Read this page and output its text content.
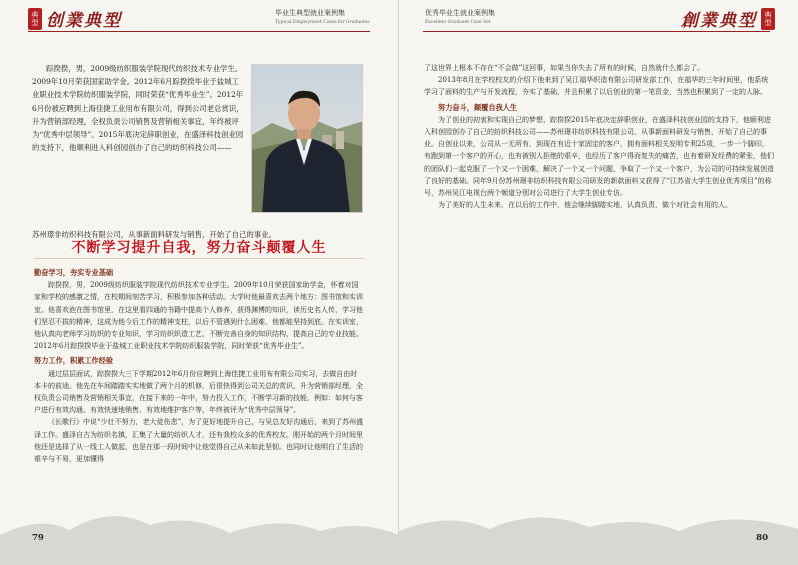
典型 创業典型	毕业生典型就业案例集
Typical Employment Cases for Graduates

踪揆揆，男，2009级纺织服装学院现代纺织技术专业学生。2009年10月荣获国家助学金。2012年6月踪揆揆毕业于盐城工业职业技术学院纺织服装学院，同时荣获“优秀毕业生”。2012年6月份被应聘到上海佳捷工业用布有限公司，得到公司老总赏识，升为营销部经理，全权负责公司销售及营销相关事宜，年终被评为“优秀中层领导”。2015年底决定辞职创业，在盛泽科技创业园的支持下，他顺利进入科创园创办了自己的纺织科技公司——

苏州璟非纺织科技有限公司，从事新面料研发与销售，开始了自己的事业。
不断学习提升自我，努力奋斗颠覆人生
勤奋学习，夯实专业基础

踪揆揆，男，2009级纺织服装学院现代纺织技术专业学生。2009年10月荣获国家助学金，怀着对国家和学校的感激之情，在校期间刻苦学习，积极参加各种活动。大学时他最喜欢去两个地方：图书馆和实训室。他喜欢泡在图书馆里，在这里看四通的书籍中提高个人修养，获得渊博的知识，读历史名人传，学习他们坚忍不拔的精神，这成为他今后工作的精神支柱，以后不管遇到什么困难，他都能坚持到底。在实训室，他认真向老师学习纺织的专业知识，学习纺织织造工艺，不断完善自身的知识结构，提高自己的专业技能。2012年6月踪揆揆毕业于盐城工业职业技术学院纺织服装学院，同时荣获“优秀毕业生”。

努力工作，积累工作经验

通过层层面试，踪揆揆大三下学期2012年6月份应聘到上海佳捷工业用布有限公司实习，去做自由时本卡的前途。他先在车间踏踏实实地做了两个月的机修，后很快得到公司关总的赏识，升为营销部经理，全权负责公司销售及营销相关事宜，在接下来的一年中，努力投入工作，不断学习新的技能，例如：如何与客户进行有效沟通、有效快速地销售、有效地维护客户等，年终被评为“优秀中层领导”。

《长歌行》中说“少壮不努力，老大徒伤悲”，为了更好地提升自己，与吴总友好沟通后，来到了苏州盛泽工作。盛泽自古为纺织名镇，汇集了大量的纺织人才，还有我校众多的优秀校友。刚开始的两个月时间里他还是选择了从一线工人做起，也是在那一段时间中让他觉得自己从未如此坚韧。也同时让他明白了生活的艰辛与不易，更加懂得

79
优秀毕业生就业案例集
Excellent Graduate Case Set	創業典型	典型

了这世界上根本不存在“不会做”这回事，如果当你失去了所有的时候，自然就什么都会了。

2013年8月在学校校友的介绍下他来到了吴江福华织造有限公司研发部工作，在福华的三年时间里，他系统学习了面料的生产与开发流程，夯实了基础，并且积累了以后创业的第一笔资金，当然也积累到了一定的人脉。

努力奋斗，颠覆自我人生

为了创业的初衷和实现自己的梦想，踪揆揆2015年底决定辞职创业，在盛泽科技创业园的支持下，他顺利进入科创园创办了自己的纺织科技公司——苏州璟非纺织科技有限公司，从事新面料研发与销售，开始了自己的事业。自创业以来，公司从一无所有，到现在有近十家固定的客户，拥有面料相关发明专利25项，一步一个脚印，有跑到第一个客户的开心，也有被别人拒绝的艰辛，也经历了客户得而复失的痛苦，也有着研发经费的紧张，他们的团队们一起克服了一个又一个困难，解决了一个又一个问题，争取了一个又一个客户，为公司的可持续发展创造了良好的基础。同年9月份苏州璟非纺织科技有限公司研发的新款面料又获得了“江苏省大学生创业优秀项目”的称号，苏州吴江电视台两个频道分别对公司进行了大学生创业专访。

为了美好的人生未来，在以后的工作中，他会继续脚踏实地，认真负责，做个对社会有用的人。

80
